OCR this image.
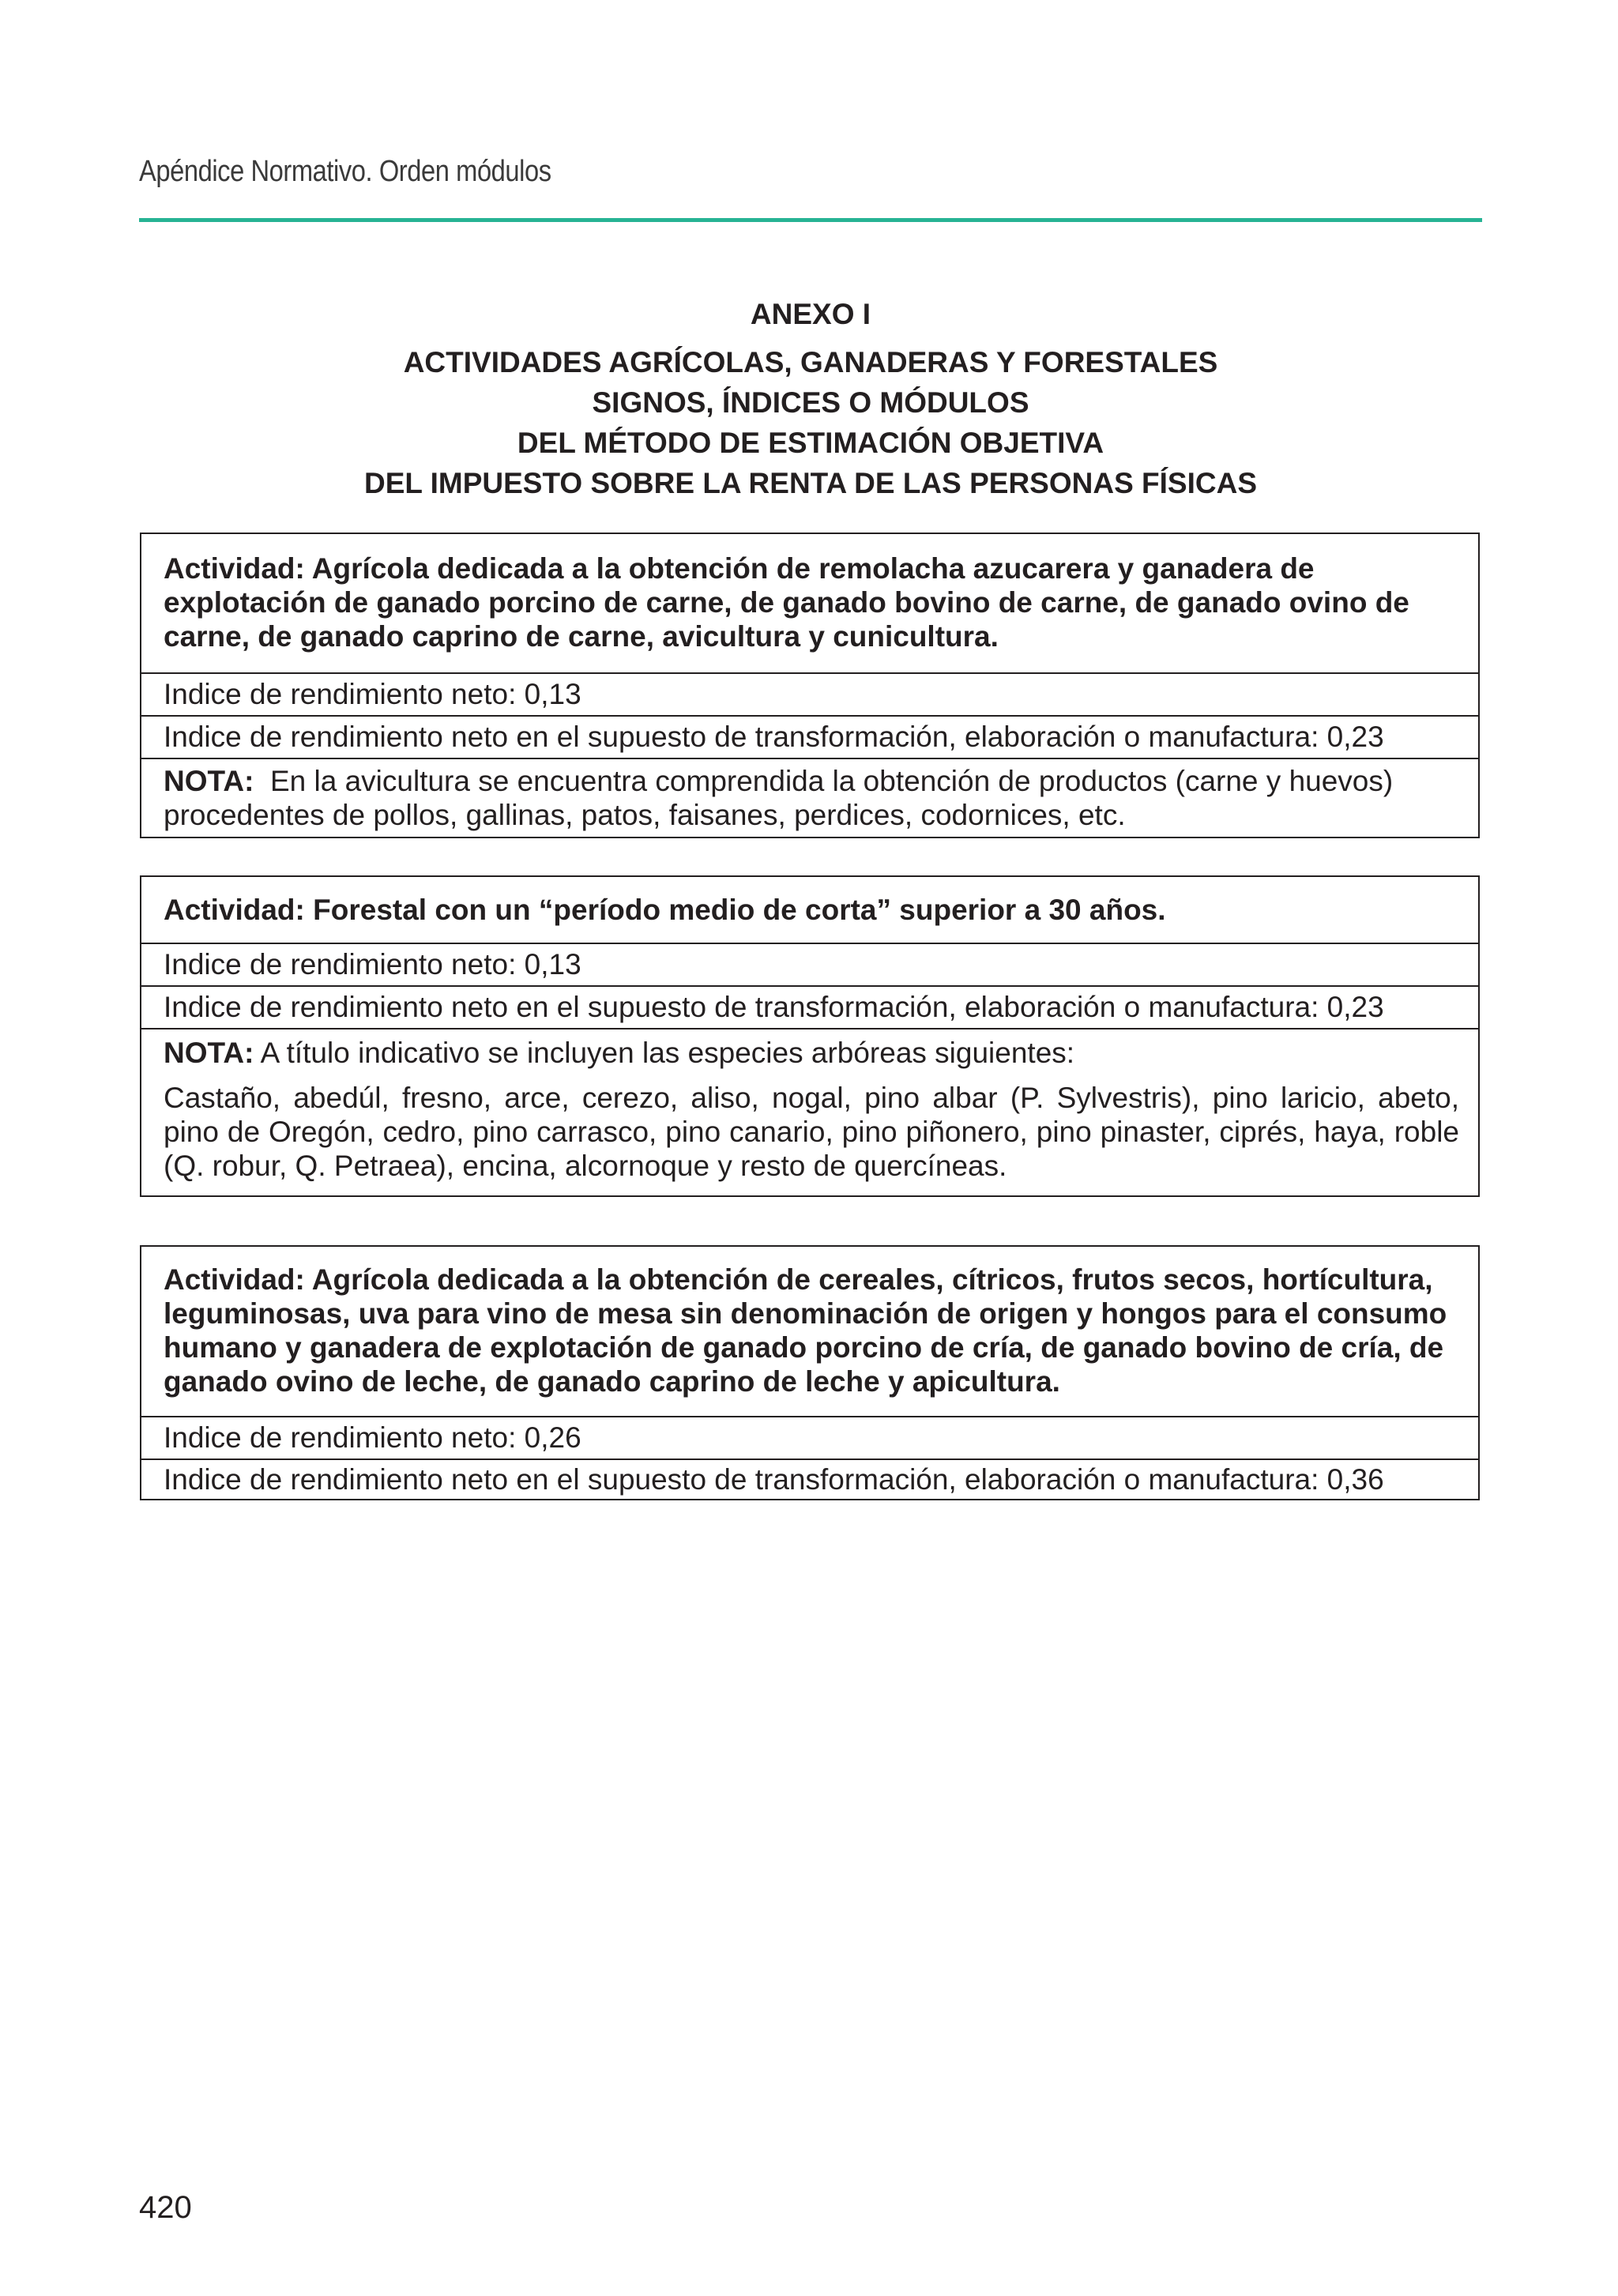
Apéndice Normativo. Orden módulos
ANEXO I
ACTIVIDADES AGRÍCOLAS, GANADERAS Y FORESTALES
SIGNOS, ÍNDICES O MÓDULOS
DEL MÉTODO DE ESTIMACIÓN OBJETIVA
DEL IMPUESTO SOBRE LA RENTA DE LAS PERSONAS FÍSICAS
Actividad: Agrícola dedicada a la obtención de remolacha azucarera y ganadera de explotación de ganado porcino de carne, de ganado bovino de carne, de ganado ovino de carne, de ganado caprino de carne, avicultura y cunicultura.
Indice de rendimiento neto: 0,13
Indice de rendimiento neto en el supuesto de transformación, elaboración o manufactura: 0,23
NOTA: En la avicultura se encuentra comprendida la obtención de productos (carne y huevos) procedentes de pollos, gallinas, patos, faisanes, perdices, codornices, etc.
Actividad: Forestal con un “período medio de corta” superior a 30 años.
Indice de rendimiento neto: 0,13
Indice de rendimiento neto en el supuesto de transformación, elaboración o manufactura: 0,23

NOTA: A título indicativo se incluyen las especies arbóreas siguientes:

Castaño, abedúl, fresno, arce, cerezo, aliso, nogal, pino albar (P. Sylvestris), pino laricio, abeto, pino de Oregón, cedro, pino carrasco, pino canario, pino piñonero, pino pinaster, ciprés, haya, roble (Q. robur, Q. Petraea), encina, alcornoque y resto de quercíneas.

Actividad: Agrícola dedicada a la obtención de cereales, cítricos, frutos secos, hortícultura, leguminosas, uva para vino de mesa sin denominación de origen y hongos para el consumo humano y ganadera de explotación de ganado porcino de cría, de ganado bovino de cría, de ganado ovino de leche, de ganado caprino de leche y apicultura.
Indice de rendimiento neto: 0,26
Indice de rendimiento neto en el supuesto de transformación, elaboración o manufactura: 0,36
420
